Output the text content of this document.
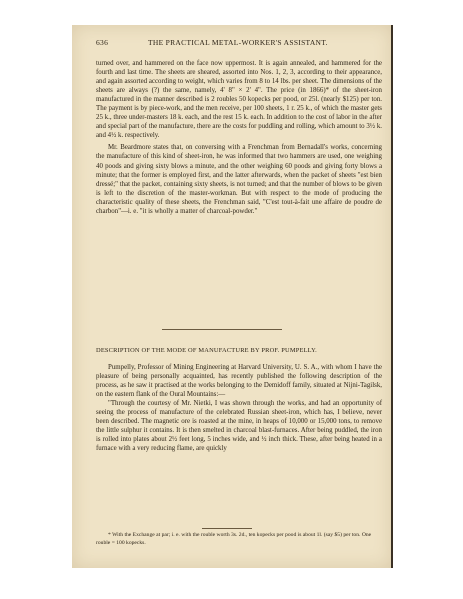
636	THE PRACTICAL METAL-WORKER'S ASSISTANT.

turned over, and hammered on the face now uppermost. It is again annealed, and hammered for the fourth and last time. The sheets are sheared, assorted into Nos. 1, 2, 3, according to their appearance, and again assorted according to weight, which varies from 8 to 14 lbs. per sheet. The dimensions of the sheets are always (?) the same, namely, 4' 8" × 2' 4". The price (in 1866)* of the sheet-iron manufactured in the manner described is 2 roubles 50 kopecks per pood, or 25l. (nearly $125) per ton. The payment is by piece-work, and the men receive, per 100 sheets, 1 r. 25 k., of which the master gets 25 k., three under-masters 18 k. each, and the rest 15 k. each. In addition to the cost of labor in the after and special part of the manufacture, there are the costs for puddling and rolling, which amount to 3½ k. and 4½ k. respectively.

Mr. Beardmore states that, on conversing with a Frenchman from Bernadall's works, concerning the manufacture of this kind of sheet-iron, he was informed that two hammers are used, one weighing 40 poods and giving sixty blows a minute, and the other weighing 60 poods and giving forty blows a minute; that the former is employed first, and the latter afterwards, when the packet of sheets "est bien dressé;" that the packet, containing sixty sheets, is not turned; and that the number of blows to be given is left to the discretion of the master-workman. But with respect to the mode of producing the characteristic quality of these sheets, the Frenchman said, "C'est tout-à-fait une affaire de poudre de charbon"—i. e. "it is wholly a matter of charcoal-powder."

DESCRIPTION OF THE MODE OF MANUFACTURE BY PROF. PUMPELLY.

Pumpelly, Professor of Mining Engineering at Harvard University, U. S. A., with whom I have the pleasure of being personally acquainted, has recently published the following description of the process, as he saw it practised at the works belonging to the Demidoff family, situated at Nijni-Tagilsk, on the eastern flank of the Oural Mountains:—

"Through the courtesy of Mr. Nietki, I was shown through the works, and had an opportunity of seeing the process of manufacture of the celebrated Russian sheet-iron, which has, I believe, never been described. The magnetic ore is roasted at the mine, in heaps of 10,000 or 15,000 tons, to remove the little sulphur it contains. It is then smelted in charcoal blast-furnaces. After being puddled, the iron is rolled into plates about 2½ feet long, 5 inches wide, and ½ inch thick. These, after being heated in a furnace with a very reducing flame, are quickly

* With the Exchange at par; i. e. with the rouble worth 3s. 2d., ten kopecks per pood is about 1l. (say $5) per ton. One rouble = 100 kopecks.
